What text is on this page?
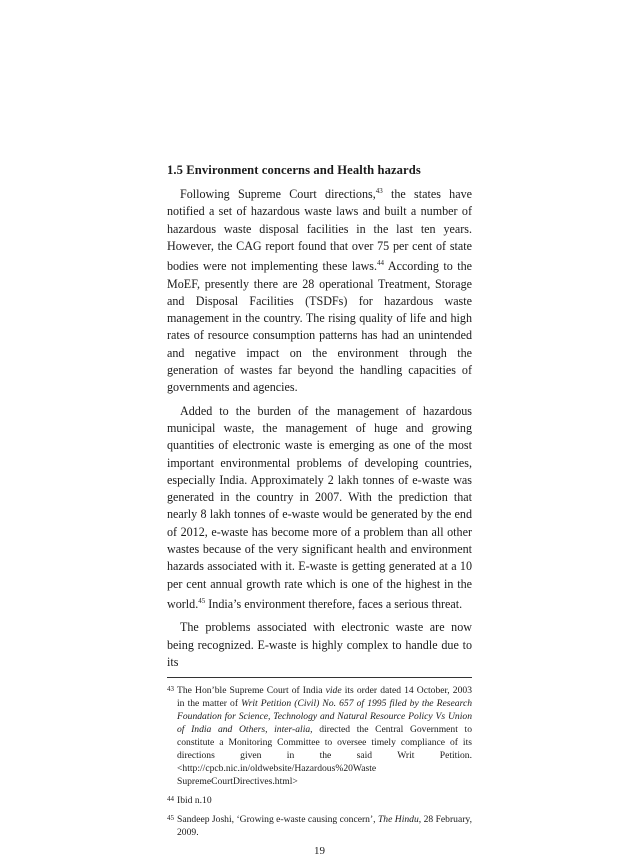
1.5 Environment concerns and Health hazards

Following Supreme Court directions,$^{43}$ the states have notified a set of hazardous waste laws and built a number of hazardous waste disposal facilities in the last ten years. However, the CAG report found that over 75 per cent of state bodies were not implementing these laws.$^{44}$ According to the MoEF, presently there are 28 operational Treatment, Storage and Disposal Facilities (TSDFs) for hazardous waste management in the country. The rising quality of life and high rates of resource consumption patterns has had an unintended and negative impact on the environment through the generation of wastes far beyond the handling capacities of governments and agencies.

Added to the burden of the management of hazardous municipal waste, the management of huge and growing quantities of electronic waste is emerging as one of the most important environmental problems of developing countries, especially India. Approximately 2 lakh tonnes of e-waste was generated in the country in 2007. With the prediction that nearly 8 lakh tonnes of e-waste would be generated by the end of 2012, e-waste has become more of a problem than all other wastes because of the very significant health and environment hazards associated with it. E-waste is getting generated at a 10 per cent annual growth rate which is one of the highest in the world.$^{45}$ India’s environment therefore, faces a serious threat.

The problems associated with electronic waste are now being recognized. E-waste is highly complex to handle due to its

43 The Hon’ble Supreme Court of India vide its order dated 14 October, 2003 in the matter of Writ Petition (Civil) No. 657 of 1995 filed by the Research Foundation for Science, Technology and Natural Resource Policy Vs Union of India and Others, inter-alia, directed the Central Government to constitute a Monitoring Committee to oversee timely compliance of its directions given in the said Writ Petition. <http://cpcb.nic.in/oldwebsite/Hazardous%20Waste SupremeCourtDirectives.html>

44 Ibid n.10

45 Sandeep Joshi, ‘Growing e-waste causing concern’, The Hindu, 28 February, 2009.

19
